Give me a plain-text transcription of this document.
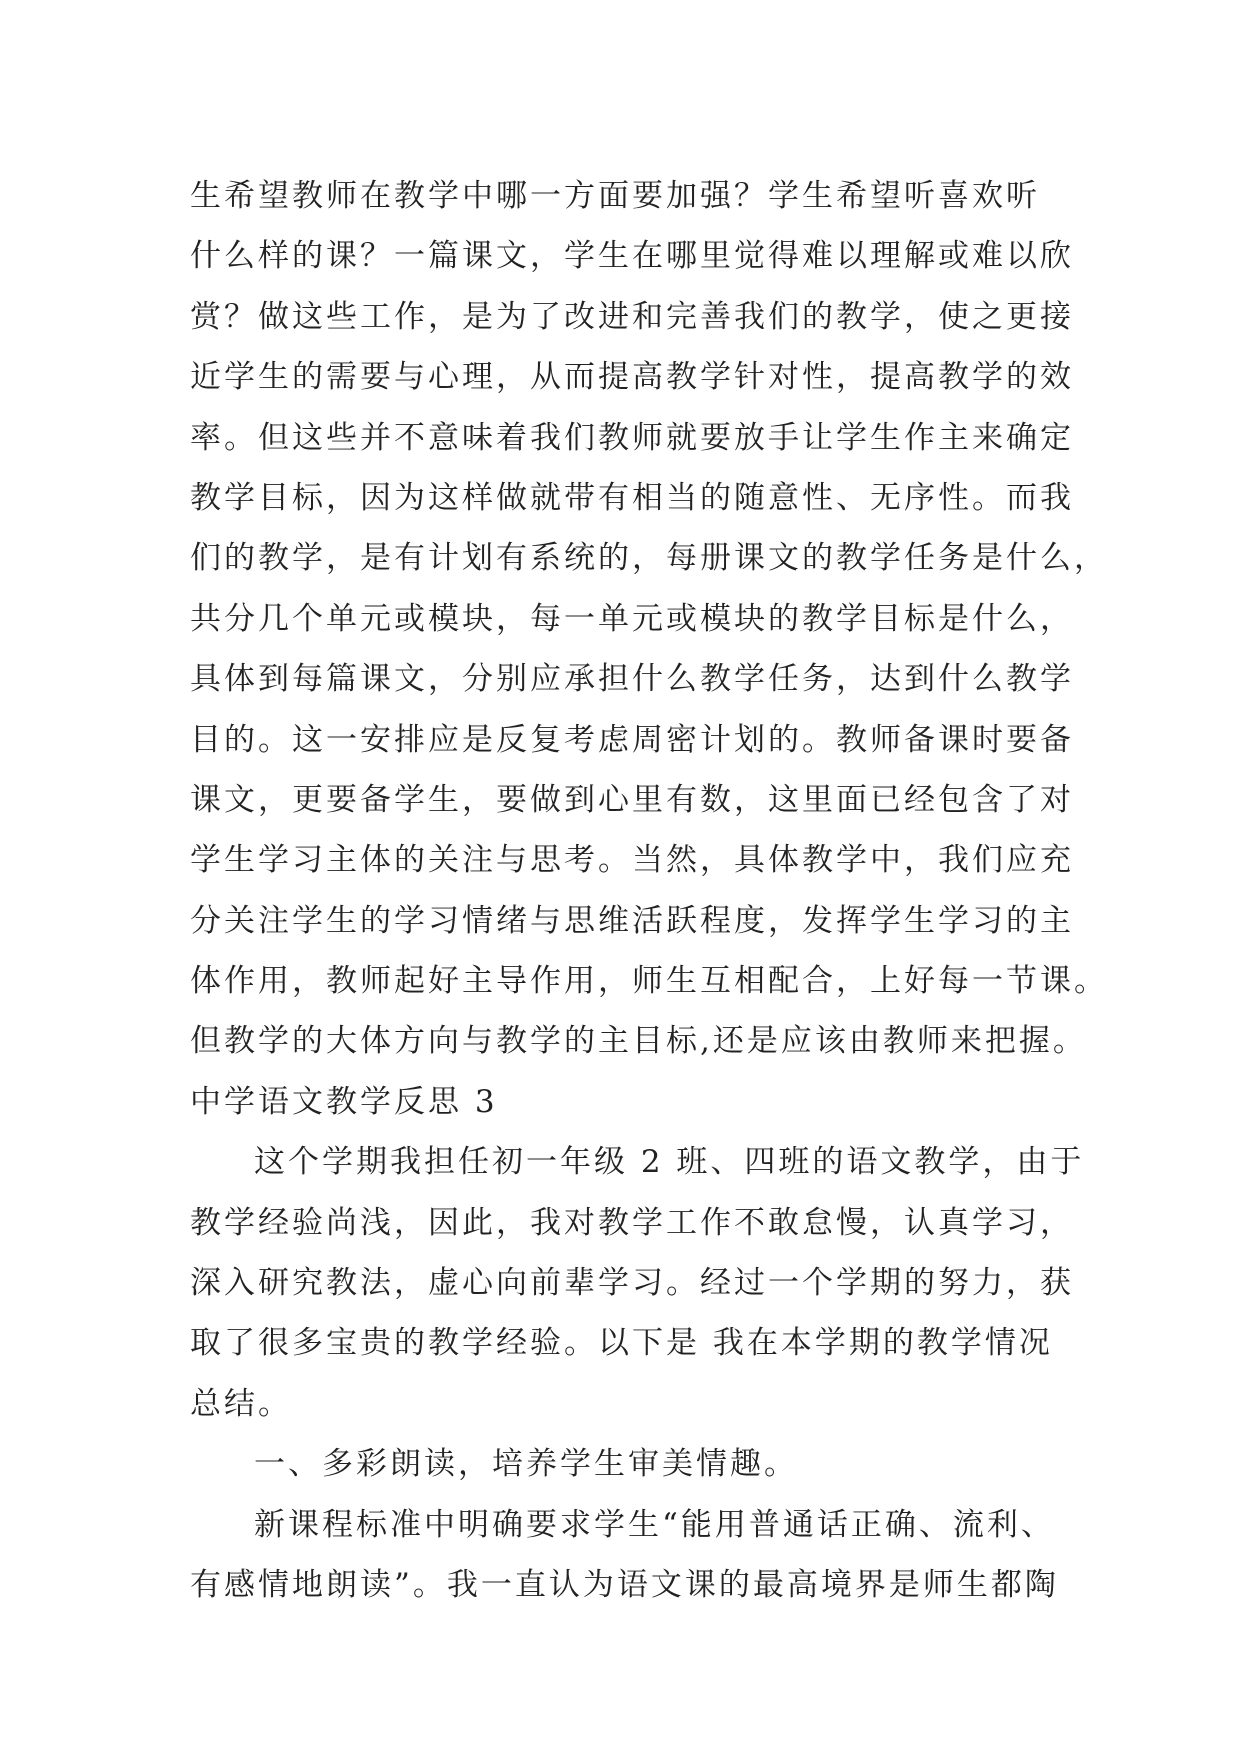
生希望教师在教学中哪一方面要加强？学生希望听喜欢听
什么样的课？一篇课文，学生在哪里觉得难以理解或难以欣
赏？做这些工作，是为了改进和完善我们的教学，使之更接
近学生的需要与心理，从而提高教学针对性，提高教学的效
率。但这些并不意味着我们教师就要放手让学生作主来确定
教学目标，因为这样做就带有相当的随意性、无序性。而我
们的教学，是有计划有系统的，每册课文的教学任务是什么，
共分几个单元或模块，每一单元或模块的教学目标是什么，
具体到每篇课文，分别应承担什么教学任务，达到什么教学
目的。这一安排应是反复考虑周密计划的。教师备课时要备
课文，更要备学生，要做到心里有数，这里面已经包含了对
学生学习主体的关注与思考。当然，具体教学中，我们应充
分关注学生的学习情绪与思维活跃程度，发挥学生学习的主
体作用，教师起好主导作用，师生互相配合，上好每一节课。
但教学的大体方向与教学的主目标,还是应该由教师来把握。
中学语文教学反思 3
这个学期我担任初一年级 2 班、四班的语文教学，由于
教学经验尚浅，因此，我对教学工作不敢怠慢，认真学习，
深入研究教法，虚心向前辈学习。经过一个学期的努力，获
取了很多宝贵的教学经验。以下是 我在本学期的教学情况
总结。
一、多彩朗读，培养学生审美情趣。
新课程标准中明确要求学生“能用普通话正确、流利、
有感情地朗读”。我一直认为语文课的最高境界是师生都陶
